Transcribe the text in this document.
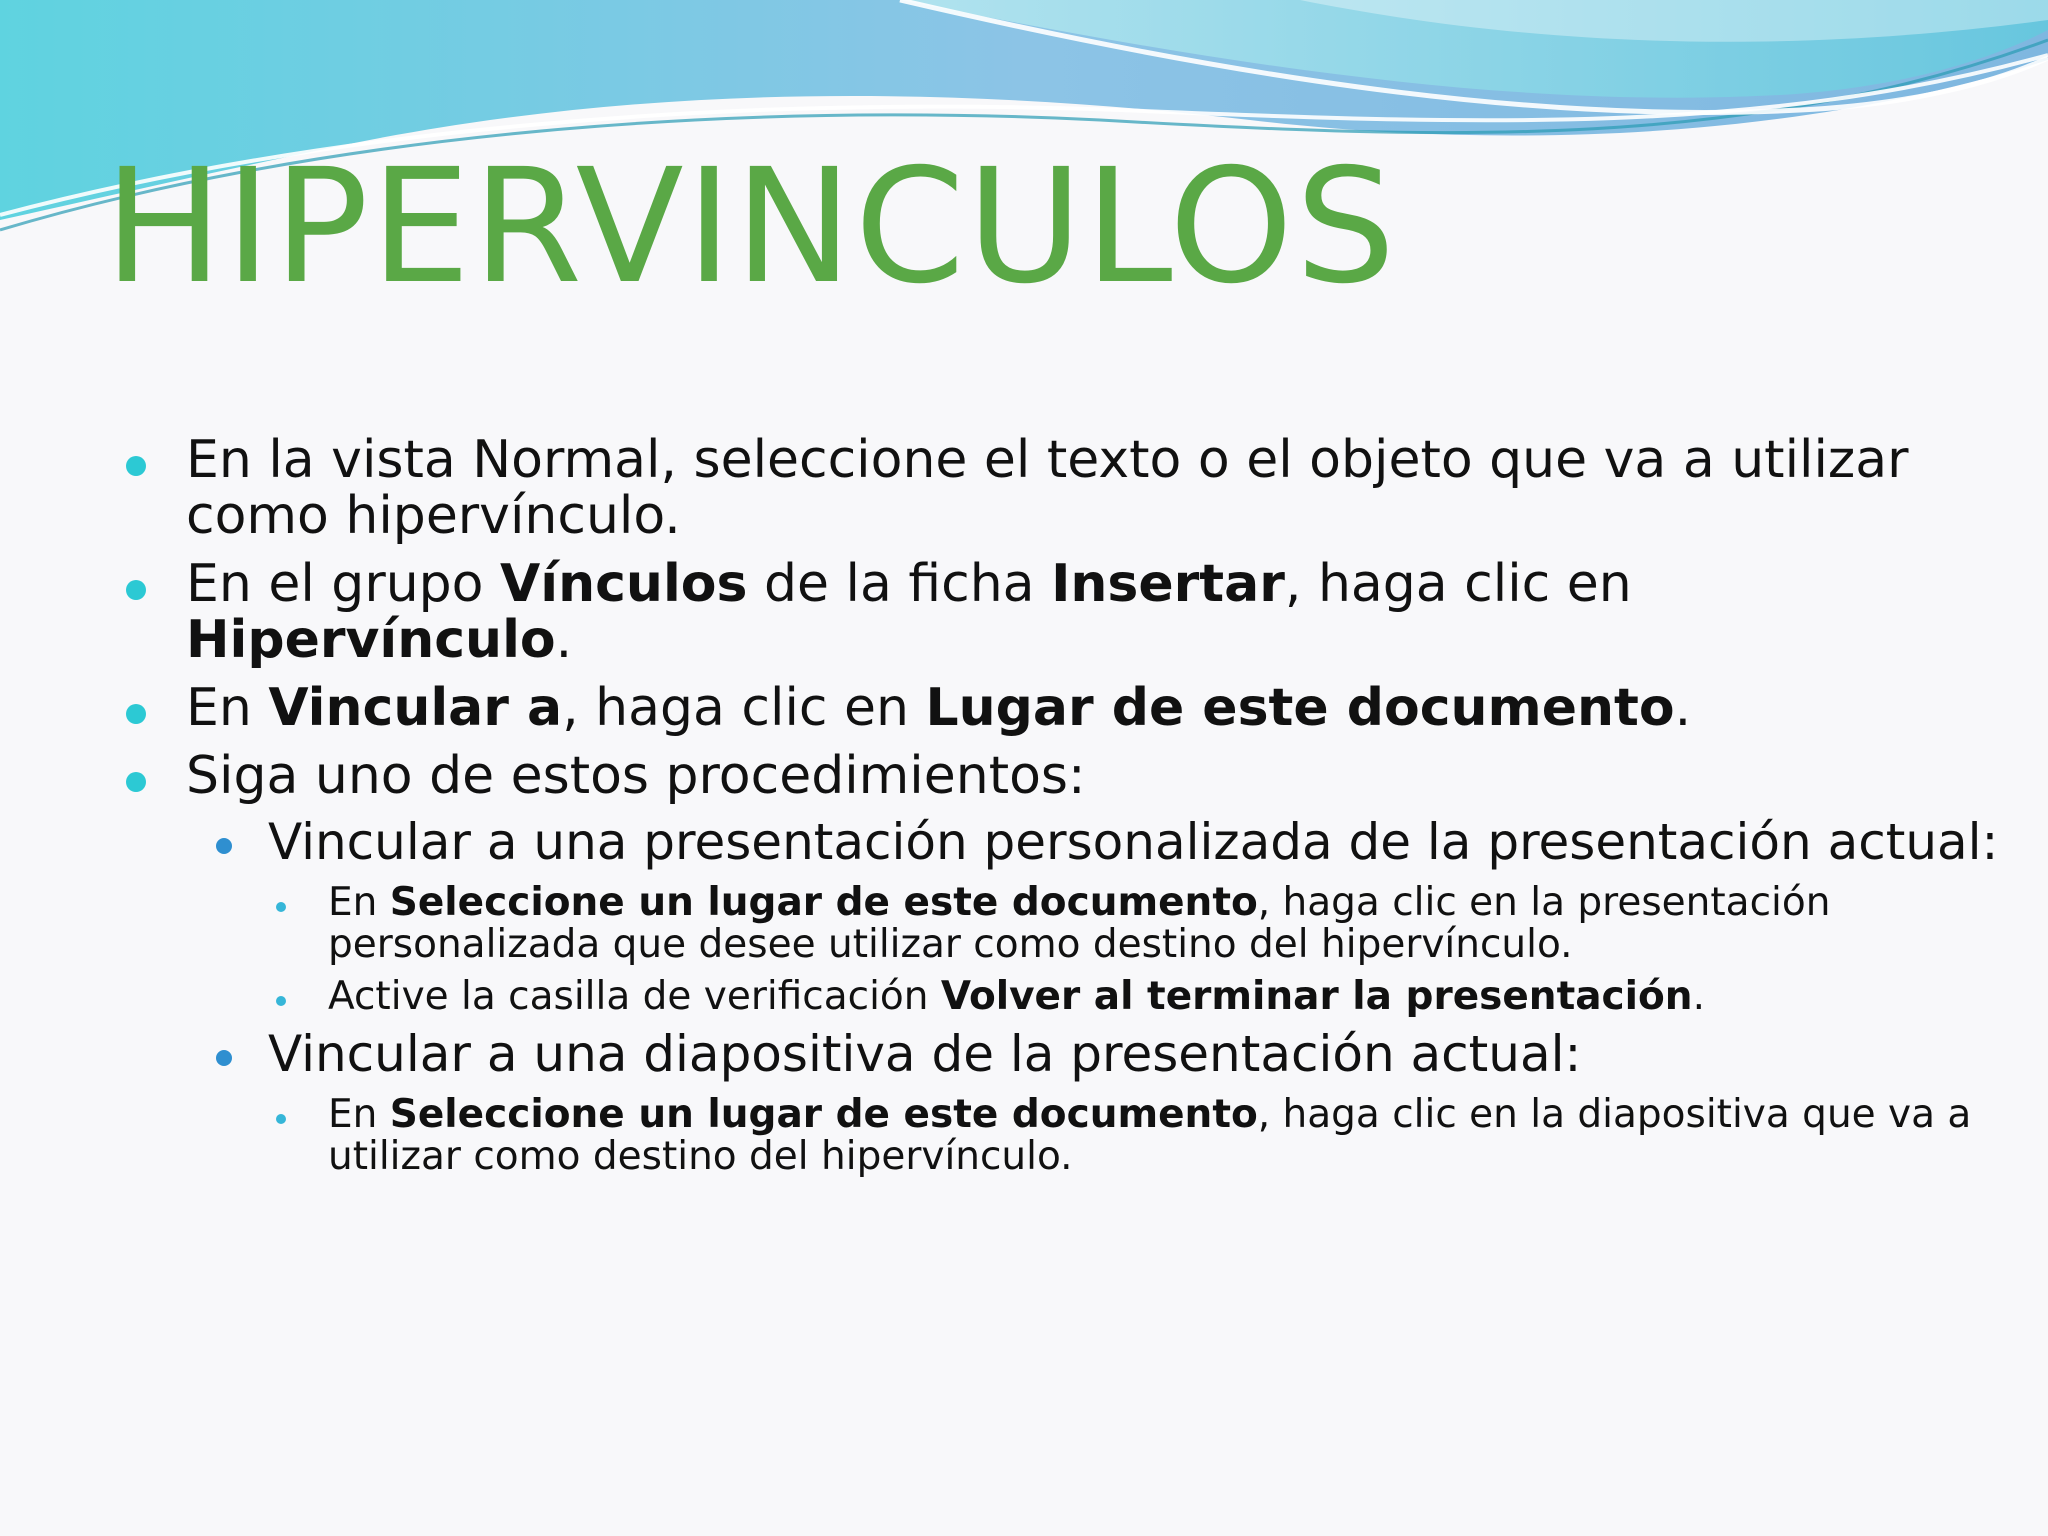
HIPERVINCULOS
En la vista Normal, seleccione el texto o el objeto que va a utilizar como hipervínculo.
En el grupo Vínculos de la ficha Insertar, haga clic en Hipervínculo.
En Vincular a, haga clic en Lugar de este documento.
Siga uno de estos procedimientos:
Vincular a una presentación personalizada de la presentación actual:
En Seleccione un lugar de este documento, haga clic en la presentación personalizada que desee utilizar como destino del hipervínculo.
Active la casilla de verificación Volver al terminar la presentación.
Vincular a una diapositiva de la presentación actual:
En Seleccione un lugar de este documento, haga clic en la diapositiva que va a utilizar como destino del hipervínculo.
